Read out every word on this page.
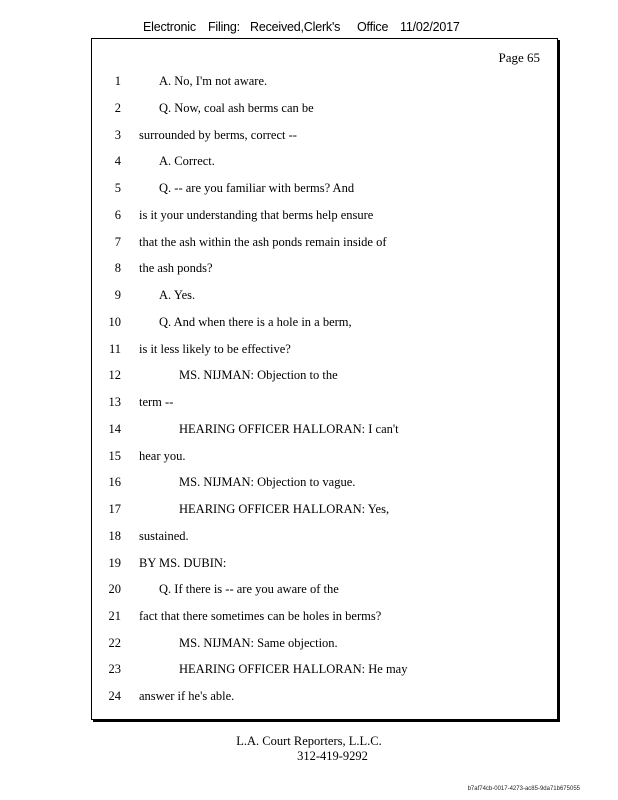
Electronic Filing: Received,Clerk's Office 11/02/2017
Page 65
1	A. No, I'm not aware.
2	Q. Now, coal ash berms can be
3 surrounded by berms, correct --
4	A. Correct.
5	Q. -- are you familiar with berms? And
6 is it your understanding that berms help ensure
7 that the ash within the ash ponds remain inside of
8 the ash ponds?
9	A. Yes.
10	Q. And when there is a hole in a berm,
11 is it less likely to be effective?
12	MS. NIJMAN: Objection to the
13 term --
14	HEARING OFFICER HALLORAN: I can't
15 hear you.
16	MS. NIJMAN: Objection to vague.
17	HEARING OFFICER HALLORAN: Yes,
18 sustained.
19 BY MS. DUBIN:
20	Q. If there is -- are you aware of the
21 fact that there sometimes can be holes in berms?
22	MS. NIJMAN: Same objection.
23	HEARING OFFICER HALLORAN: He may
24 answer if he's able.
L.A. Court Reporters, L.L.C.
312-419-9292
b7af74cb-0017-4273-ac85-9da71b675055
